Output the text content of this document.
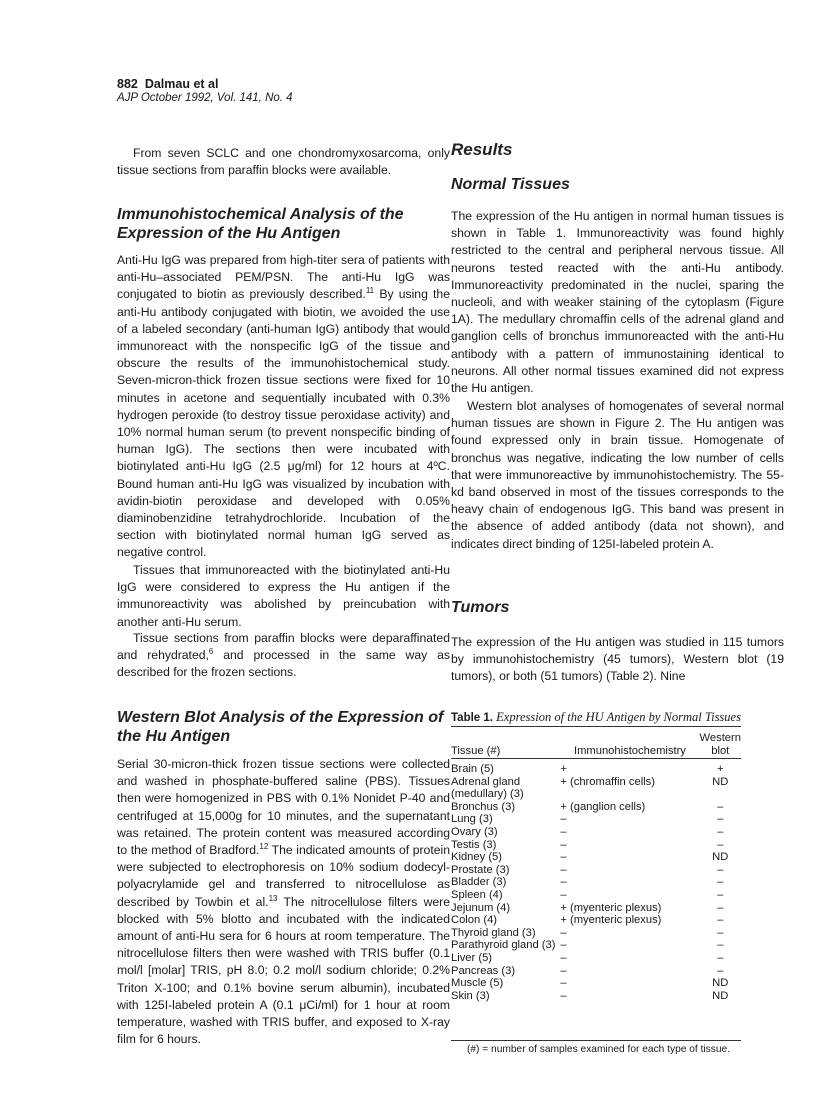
882 Dalmau et al
AJP October 1992, Vol. 141, No. 4

From seven SCLC and one chondromyxosarcoma, only tissue sections from paraffin blocks were available.

Immunohistochemical Analysis of the Expression of the Hu Antigen

Anti-Hu IgG was prepared from high-titer sera of patients with anti-Hu–associated PEM/PSN. The anti-Hu IgG was conjugated to biotin as previously described.$^{11}$ By using the anti-Hu antibody conjugated with biotin, we avoided the use of a labeled secondary (anti-human IgG) antibody that would immunoreact with the nonspecific IgG of the tissue and obscure the results of the immunohistochemical study. Seven-micron-thick frozen tissue sections were fixed for 10 minutes in acetone and sequentially incubated with 0.3% hydrogen peroxide (to destroy tissue peroxidase activity) and 10% normal human serum (to prevent nonspecific binding of human IgG). The sections then were incubated with biotinylated anti-Hu IgG (2.5 μg/ml) for 12 hours at 4ºC. Bound human anti-Hu IgG was visualized by incubation with avidin-biotin peroxidase and developed with 0.05% diaminobenzidine tetrahydrochloride. Incubation of the section with biotinylated normal human IgG served as negative control.

Tissues that immunoreacted with the biotinylated anti-Hu IgG were considered to express the Hu antigen if the immunoreactivity was abolished by preincubation with another anti-Hu serum.

Tissue sections from paraffin blocks were deparaffinated and rehydrated,$^6$ and processed in the same way as described for the frozen sections.

Western Blot Analysis of the Expression of the Hu Antigen

Serial 30-micron-thick frozen tissue sections were collected and washed in phosphate-buffered saline (PBS). Tissues then were homogenized in PBS with 0.1% Nonidet P-40 and centrifuged at 15,000g for 10 minutes, and the supernatant was retained. The protein content was measured according to the method of Bradford.$^{12}$ The indicated amounts of protein were subjected to electrophoresis on 10% sodium dodecyl-polyacrylamide gel and transferred to nitrocellulose as described by Towbin et al.$^{13}$ The nitrocellulose filters were blocked with 5% blotto and incubated with the indicated amount of anti-Hu sera for 6 hours at room temperature. The nitrocellulose filters then were washed with TRIS buffer (0.1 mol/l [molar] TRIS, pH 8.0; 0.2 mol/l sodium chloride; 0.2% Triton X-100; and 0.1% bovine serum albumin), incubated with 125I-labeled protein A (0.1 μCi/ml) for 1 hour at room temperature, washed with TRIS buffer, and exposed to X-ray film for 6 hours.

Results
Normal Tissues

The expression of the Hu antigen in normal human tissues is shown in Table 1. Immunoreactivity was found highly restricted to the central and peripheral nervous tissue. All neurons tested reacted with the anti-Hu antibody. Immunoreactivity predominated in the nuclei, sparing the nucleoli, and with weaker staining of the cytoplasm (Figure 1A). The medullary chromaffin cells of the adrenal gland and ganglion cells of bronchus immunoreacted with the anti-Hu antibody with a pattern of immunostaining identical to neurons. All other normal tissues examined did not express the Hu antigen.

Western blot analyses of homogenates of several normal human tissues are shown in Figure 2. The Hu antigen was found expressed only in brain tissue. Homogenate of bronchus was negative, indicating the low number of cells that were immunoreactive by immunohistochemistry. The 55-kd band observed in most of the tissues corresponds to the heavy chain of endogenous IgG. This band was present in the absence of added antibody (data not shown), and indicates direct binding of 125I-labeled protein A.

Tumors

The expression of the Hu antigen was studied in 115 tumors by immunohistochemistry (45 tumors), Western blot (19 tumors), or both (51 tumors) (Table 2). Nine

Table 1. Expression of the HU Antigen by Normal Tissues
Tissue (#)	Immunohistochemistry	Western blot

Brain (5)	+	+
Adrenal gland (medullary) (3)	+ (chromaffin cells)	ND
Bronchus (3)	+ (ganglion cells)	–
Lung (3)	–	–
Ovary (3)	–	–
Testis (3)	–	–
Kidney (5)	–	ND
Prostate (3)	–	–
Bladder (3)	–	–
Spleen (4)	–	–
Jejunum (4)	+ (myenteric plexus)	–
Colon (4)	+ (myenteric plexus)	–
Thyroid gland (3)	–	–
Parathyroid gland (3)	–	–
Liver (5)	–	–
Pancreas (3)	–	–
Muscle (5)	–	ND
Skin (3)	–	ND
(#) = number of samples examined for each type of tissue.
